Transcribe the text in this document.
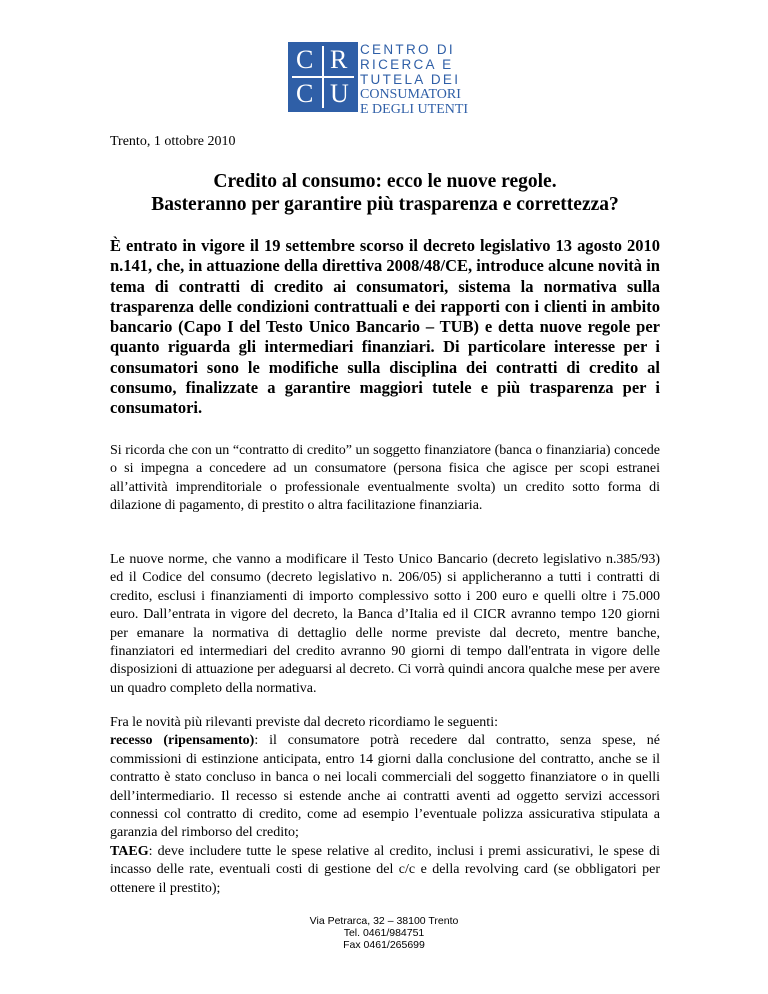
C R
C U
CENTRO DI
RICERCA E
TUTELA DEI
CONSUMATORI
E DEGLI UTENTI
Trento, 1 ottobre 2010
Credito al consumo: ecco le nuove regole.
Basteranno per garantire più trasparenza e correttezza?
È entrato in vigore il 19 settembre scorso il decreto legislativo 13 agosto 2010 n.141, che, in attuazione della direttiva 2008/48/CE, introduce alcune novità in tema di contratti di credito ai consumatori, sistema la normativa sulla trasparenza delle condizioni contrattuali e dei rapporti con i clienti in ambito bancario (Capo I del Testo Unico Bancario – TUB) e detta nuove regole per quanto riguarda gli intermediari finanziari. Di particolare interesse per i consumatori sono le modifiche sulla disciplina dei contratti di credito al consumo, finalizzate a garantire maggiori tutele e più trasparenza per i consumatori.

Si ricorda che con un “contratto di credito” un soggetto finanziatore (banca o finanziaria) concede o si impegna a concedere ad un consumatore (persona fisica che agisce per scopi estranei all’attività imprenditoriale o professionale eventualmente svolta) un credito sotto forma di dilazione di pagamento, di prestito o altra facilitazione finanziaria.

Le nuove norme, che vanno a modificare il Testo Unico Bancario (decreto legislativo n.385/93) ed il Codice del consumo (decreto legislativo n. 206/05) si applicheranno a tutti i contratti di credito, esclusi i finanziamenti di importo complessivo sotto i 200 euro e quelli oltre i 75.000 euro. Dall’entrata in vigore del decreto, la Banca d’Italia ed il CICR avranno tempo 120 giorni per emanare la normativa di dettaglio delle norme previste dal decreto, mentre banche, finanziatori ed intermediari del credito avranno 90 giorni di tempo dall'entrata in vigore delle disposizioni di attuazione per adeguarsi al decreto. Ci vorrà quindi ancora qualche mese per avere un quadro completo della normativa.

Fra le novità più rilevanti previste dal decreto ricordiamo le seguenti:
recesso (ripensamento): il consumatore potrà recedere dal contratto, senza spese, né commissioni di estinzione anticipata, entro 14 giorni dalla conclusione del contratto, anche se il contratto è stato concluso in banca o nei locali commerciali del soggetto finanziatore o in quelli dell’intermediario. Il recesso si estende anche ai contratti aventi ad oggetto servizi accessori connessi col contratto di credito, come ad esempio l’eventuale polizza assicurativa stipulata a garanzia del rimborso del credito;
TAEG: deve includere tutte le spese relative al credito, inclusi i premi assicurativi, le spese di incasso delle rate, eventuali costi di gestione del c/c e della revolving card (se obbligatori per ottenere il prestito);
Via Petrarca, 32 – 38100 Trento
Tel. 0461/984751
Fax 0461/265699
